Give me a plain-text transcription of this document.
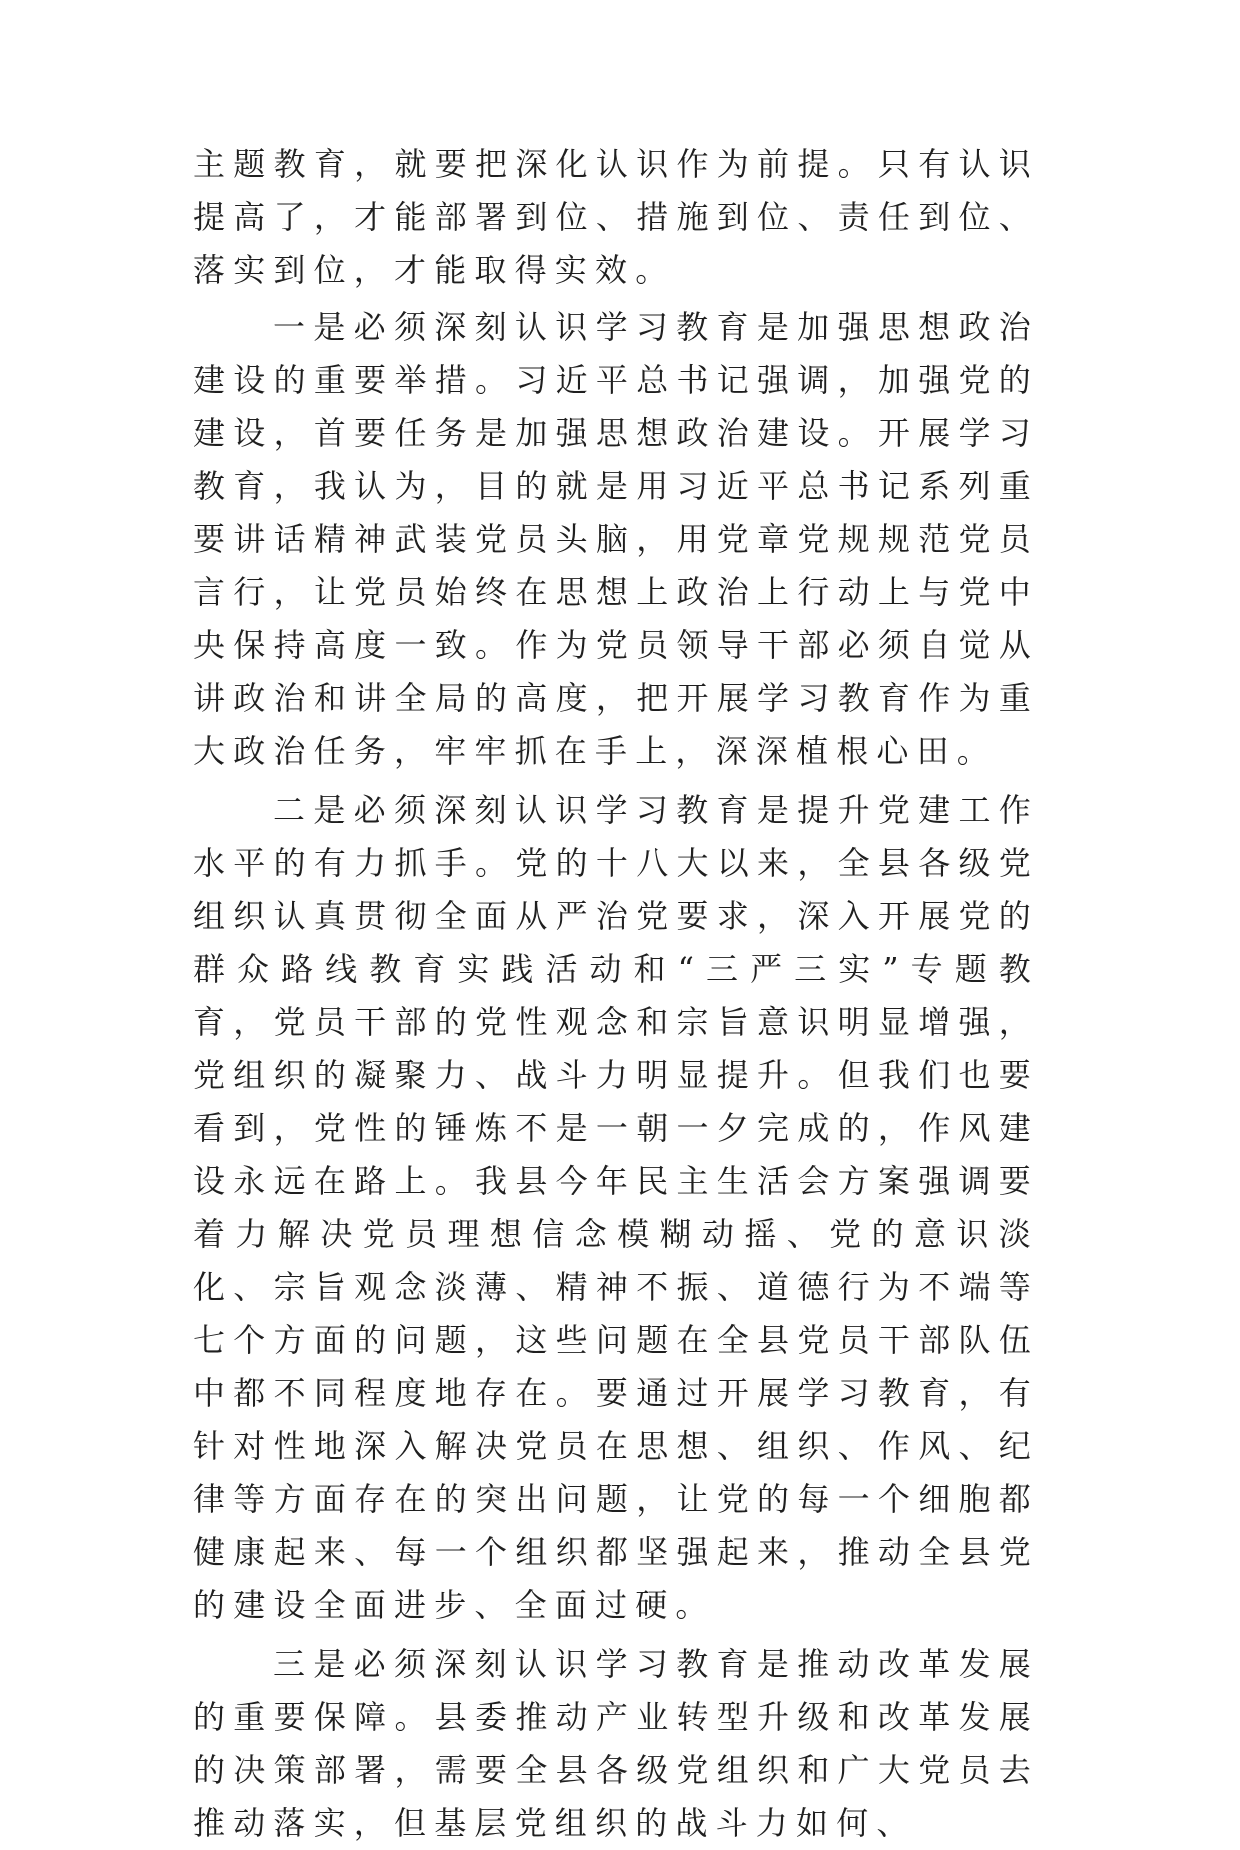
主题教育，就要把深化认识作为前提。只有认识提高了，才能部署到位、措施到位、责任到位、落实到位，才能取得实效。

一是必须深刻认识学习教育是加强思想政治建设的重要举措。习近平总书记强调，加强党的建设，首要任务是加强思想政治建设。开展学习教育，我认为，目的就是用习近平总书记系列重要讲话精神武装党员头脑，用党章党规规范党员言行，让党员始终在思想上政治上行动上与党中央保持高度一致。作为党员领导干部必须自觉从讲政治和讲全局的高度，把开展学习教育作为重大政治任务，牢牢抓在手上，深深植根心田。

二是必须深刻认识学习教育是提升党建工作水平的有力抓手。党的十八大以来，全县各级党组织认真贯彻全面从严治党要求，深入开展党的群众路线教育实践活动和“三严三实”专题教育，党员干部的党性观念和宗旨意识明显增强，党组织的凝聚力、战斗力明显提升。但我们也要看到，党性的锤炼不是一朝一夕完成的，作风建设永远在路上。我县今年民主生活会方案强调要着力解决党员理想信念模糊动摇、党的意识淡化、宗旨观念淡薄、精神不振、道德行为不端等七个方面的问题，这些问题在全县党员干部队伍中都不同程度地存在。要通过开展学习教育，有针对性地深入解决党员在思想、组织、作风、纪律等方面存在的突出问题，让党的每一个细胞都健康起来、每一个组织都坚强起来，推动全县党的建设全面进步、全面过硬。

三是必须深刻认识学习教育是推动改革发展的重要保障。县委推动产业转型升级和改革发展的决策部署，需要全县各级党组织和广大党员去推动落实，但基层党组织的战斗力如何、
